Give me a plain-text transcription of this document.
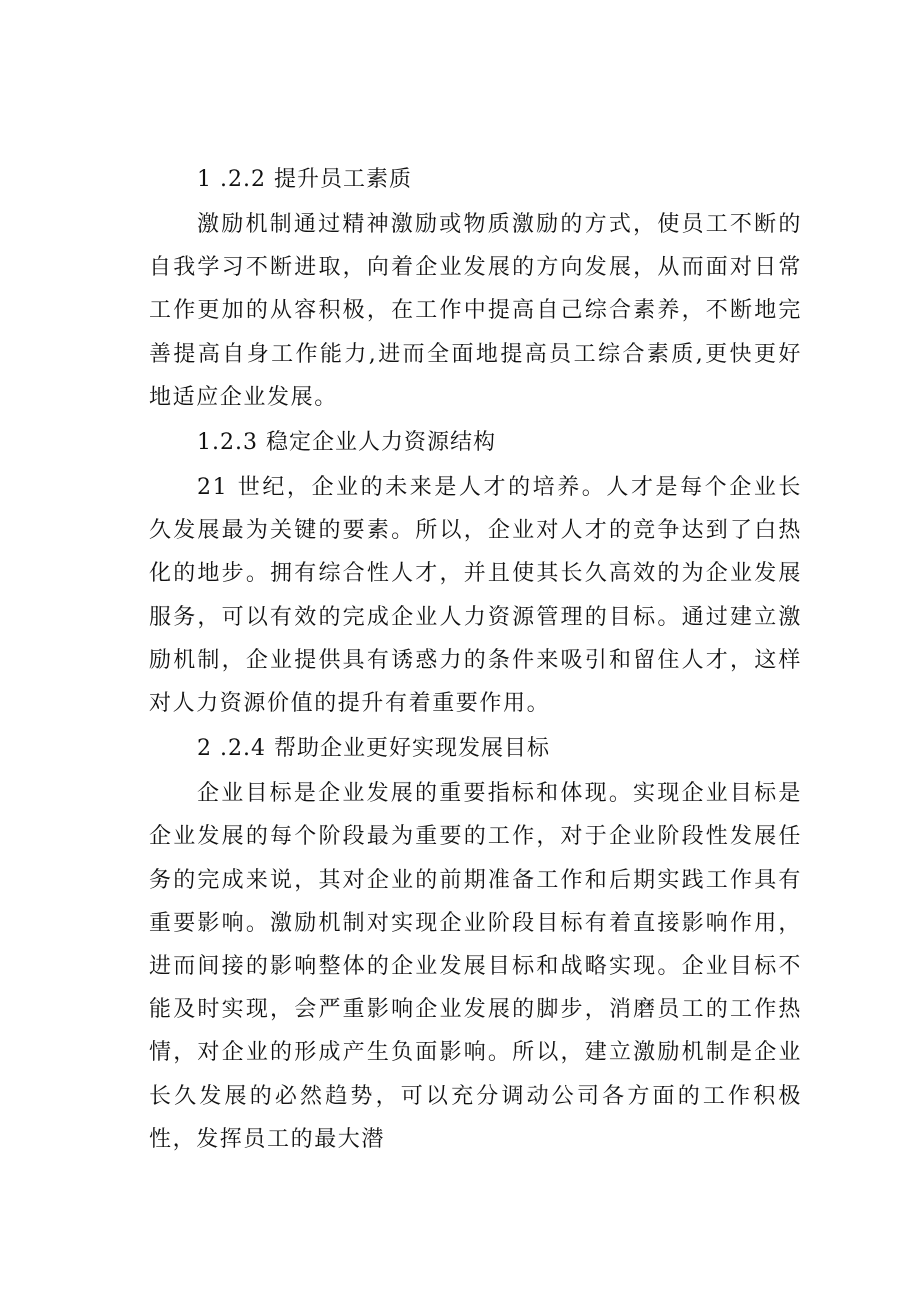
1 .2.2 提升员工素质

激励机制通过精神激励或物质激励的方式，使员工不断的自我学习不断进取，向着企业发展的方向发展，从而面对日常工作更加的从容积极，在工作中提高自己综合素养，不断地完善提高自身工作能力,进而全面地提高员工综合素质,更快更好地适应企业发展。

1.2.3 稳定企业人力资源结构

21 世纪，企业的未来是人才的培养。人才是每个企业长久发展最为关键的要素。所以，企业对人才的竞争达到了白热化的地步。拥有综合性人才，并且使其长久高效的为企业发展服务，可以有效的完成企业人力资源管理的目标。通过建立激励机制，企业提供具有诱惑力的条件来吸引和留住人才，这样对人力资源价值的提升有着重要作用。

2 .2.4 帮助企业更好实现发展目标

企业目标是企业发展的重要指标和体现。实现企业目标是企业发展的每个阶段最为重要的工作，对于企业阶段性发展任务的完成来说，其对企业的前期准备工作和后期实践工作具有重要影响。激励机制对实现企业阶段目标有着直接影响作用，进而间接的影响整体的企业发展目标和战略实现。企业目标不能及时实现，会严重影响企业发展的脚步，消磨员工的工作热情，对企业的形成产生负面影响。所以，建立激励机制是企业长久发展的必然趋势，可以充分调动公司各方面的工作积极性，发挥员工的最大潜
